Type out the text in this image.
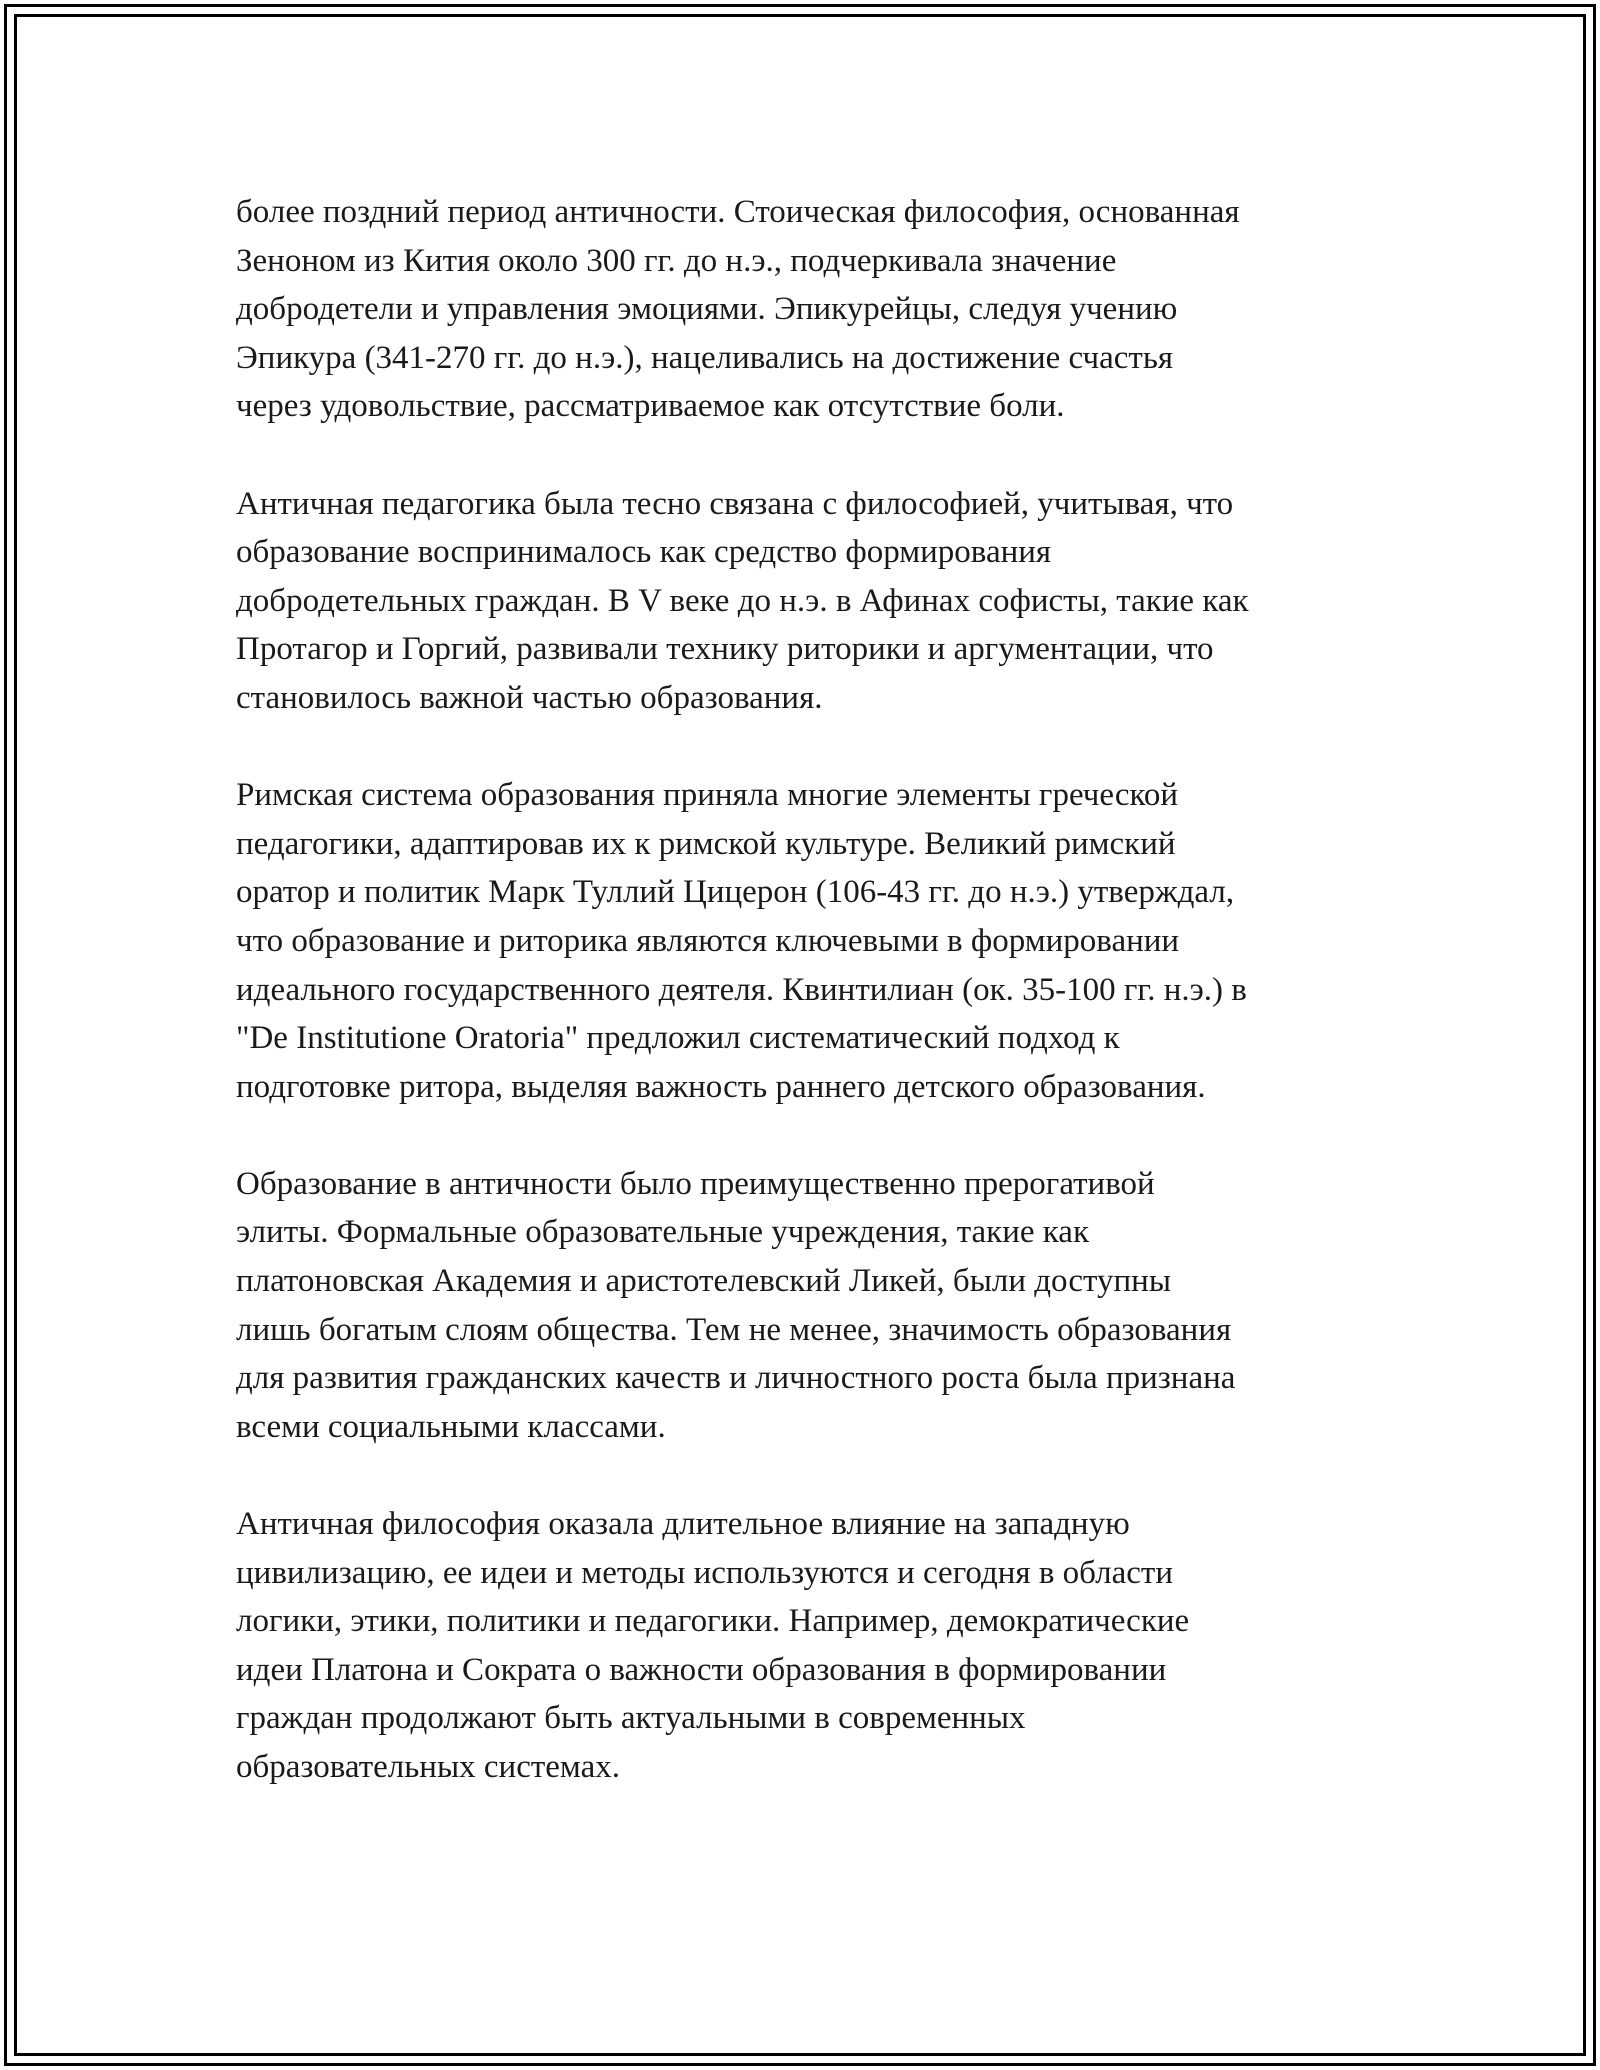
более поздний период античности. Стоическая философия, основанная
Зеноном из Кития около 300 гг. до н.э., подчеркивала значение
добродетели и управления эмоциями. Эпикурейцы, следуя учению
Эпикура (341-270 гг. до н.э.), нацеливались на достижение счастья
через удовольствие, рассматриваемое как отсутствие боли.

Античная педагогика была тесно связана с философией, учитывая, что
образование воспринималось как средство формирования
добродетельных граждан. В V веке до н.э. в Афинах софисты, такие как
Протагор и Горгий, развивали технику риторики и аргументации, что
становилось важной частью образования.

Римская система образования приняла многие элементы греческой
педагогики, адаптировав их к римской культуре. Великий римский
оратор и политик Марк Туллий Цицерон (106-43 гг. до н.э.) утверждал,
что образование и риторика являются ключевыми в формировании
идеального государственного деятеля. Квинтилиан (ок. 35-100 гг. н.э.) в
"De Institutione Oratoria" предложил систематический подход к
подготовке ритора, выделяя важность раннего детского образования.

Образование в античности было преимущественно прерогативой
элиты. Формальные образовательные учреждения, такие как
платоновская Академия и аристотелевский Ликей, были доступны
лишь богатым слоям общества. Тем не менее, значимость образования
для развития гражданских качеств и личностного роста была признана
всеми социальными классами.

Античная философия оказала длительное влияние на западную
цивилизацию, ее идеи и методы используются и сегодня в области
логики, этики, политики и педагогики. Например, демократические
идеи Платона и Сократа о важности образования в формировании
граждан продолжают быть актуальными в современных
образовательных системах.
